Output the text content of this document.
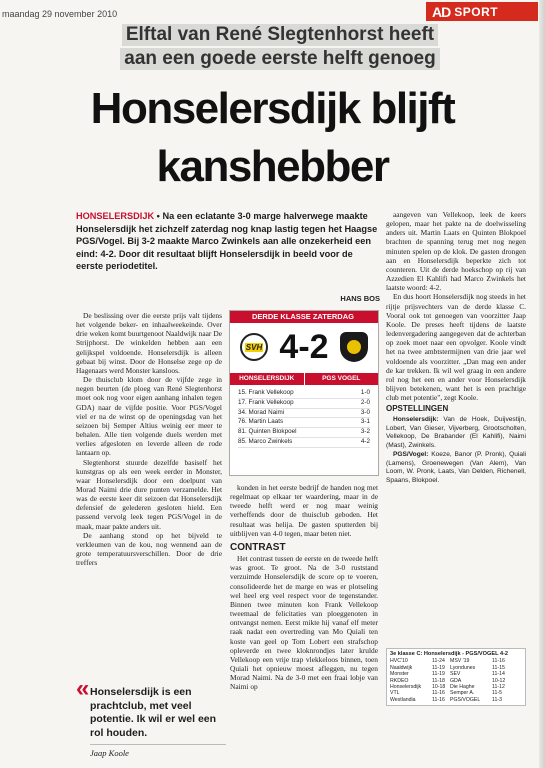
maandag 29 november 2010	AD SPORT
Elftal van René Slegtenhorst heeft
aan een goede eerste helft genoeg
Honselersdijk blijft
kanshebber
HONSELERSDIJK • Na een eclatante 3-0 marge halverwege maakte Honselersdijk het zichzelf zaterdag nog knap lastig tegen het Haagse PGS/Vogel. Bij 3-2 maakte Marco Zwinkels aan alle onzekerheid een eind: 4-2. Door dit resultaat blijft Honselersdijk in beeld voor de eerste periodetitel.
HANS BOS

De beslissing over die eerste prijs valt tijdens het volgende beker- en inhaalweekeinde. Over drie weken komt buurtgenoot Naaldwijk naar De Strijphorst. De winkelden hebben aan een gelijkspel voldoende. Honselersdijk is alleen gebaat bij winst. Door de Honselse zege op de Hagenaars werd Monster kansloos.

De thuisclub klom door de vijfde zege in negen beurten (de ploeg van René Slegtenhorst moet ook nog voor eigen aanhang inhalen tegen GDA) naar de vijfde positie. Voor PGS/Vogel viel er na de winst op de openingsdag van het seizoen bij Semper Altius weinig eer meer te behalen. Alle tien volgende duels werden met verlies afgesloten en leverde alleen de rode lantaarn op.

Slegtenhorst stuurde dezelfde basiself het kunstgras op als een week eerder in Monster, waar Honselersdijk door een doelpunt van Morad Naimi drie dure punten verzamelde. Het was de eerste keer dit seizoen dat Honselersdijk defensief de gelederen gesloten hield. Een passend vervolg leek tegen PGS/Vogel in de maak, maar pakte anders uit.

De aanhang stond op het bijveld te verkleumen van de kou, nog wennend aan de grote temperatuursverschillen. Door de drie treffers

DERDE KLASSE ZATERDAG
SVH 4-2
HONSELERSDIJK	PGS VOGEL
15. Frank Vellekoop	1-0
17. Frank Vellekoop	2-0
34. Morad Naimi	3-0
76. Martin Laats	3-1
81. Quinten Blokpoel	3-2
85. Marco Zwinkels	4-2

konden in het eerste bedrijf de handen nog met regelmaat op elkaar ter waardering, maar in de tweede helft werd er nog maar weinig verheffends door de thuisclub geboden. Het resultaat was helija. De gasten sputterden bij uitblijven van 4-0 tegen, maar beten niet.

CONTRAST

Het contrast tussen de eerste en de tweede helft was groot. Te groot. Na de 3-0 ruststand verzuimde Honselersdijk de score op te voeren, consolideerde het de marge en was er plotseling wel heel erg veel respect voor de tegenstander. Binnen twee minuten kon Frank Vellekoop tweemaal de felicitaties van ploeggenoten in ontvangst nemen. Eerst mikte hij vanaf elf meter raak nadat een overtreding van Mo Quiali ten koste van geel op Tom Lobert een strafschop opleverde en twee kloknrondjes later krulde Vellekoop een vrije trap vlekkeloos binnen, toen Quiali het opnieuw moest afleggen, nu tegen Morad Naimi. Na de 3-0 met een fraai lobje van Naimi op

aangeven van Vellekoop, leek de keers gelopen, maar het pakte na de doelwisseling anders uit. Martin Laats en Quinten Blokpoel brachten de spanning terug met nog negen minuten spelen op de klok. De gasten drongen aan en Honselersdijk beperkte zich tot counteren. Uit de derde hoekschop op rij van Azzedien El Kahlifi had Marco Zwinkels het laatste woord: 4-2.

En dus hoort Honselersdijk nog steeds in het rijtje prijsvechters van de derde klasse C. Vooral ook tot genoegen van voorzitter Jaap Koole. De preses heeft tijdens de laatste ledenvergadering aangegeven dat de achterban op zoek moet naar een opvolger. Koole vindt het na twee ambtstermijnen van drie jaar wel voldoende als voorzitter. „Dan mag een ander de kar trekken. Ik wil wel graag in een andere rol nog het een en ander voor Honselersdijk blijven betekenen, want het is een prachtige club met potentie", zegt Koole.

OPSTELLINGEN

Honselersdijk: Van de Hoek, Duijvestijn, Lobert, Van Gieser, Vijverberg, Grootscholten, Vellekoop, De Brabander (El Kahlifi), Naimi (Mast), Zwinkels.

PGS/Vogel: Koeze, Banor (P. Pronk), Quiali (Lamens), Groenewegen (Van Alem), Van Loom, W. Pronk, Laats, Van Delden, Richenell, Spaans, Blokpoel.

« Honselersdijk is een prachtclub, met veel potentie. Ik wil er wel een rol houden.
Jaap Koole
3e klasse C: Honselersdijk - PGS/VOGEL 4-2
HVC'10	11-24 MSV '19	11-16
Naaldwijk	11-19 Lyondunes	11-15
Monster	11-19 SEV	11-14
RKDEO	11-18 GDA	10-12
Honselersdijk	10-18 Die Haghe	11-12
VTL	11-16 Semper A.	11-5
Westlandia	11-16 PGS/VOGEL	11-3
